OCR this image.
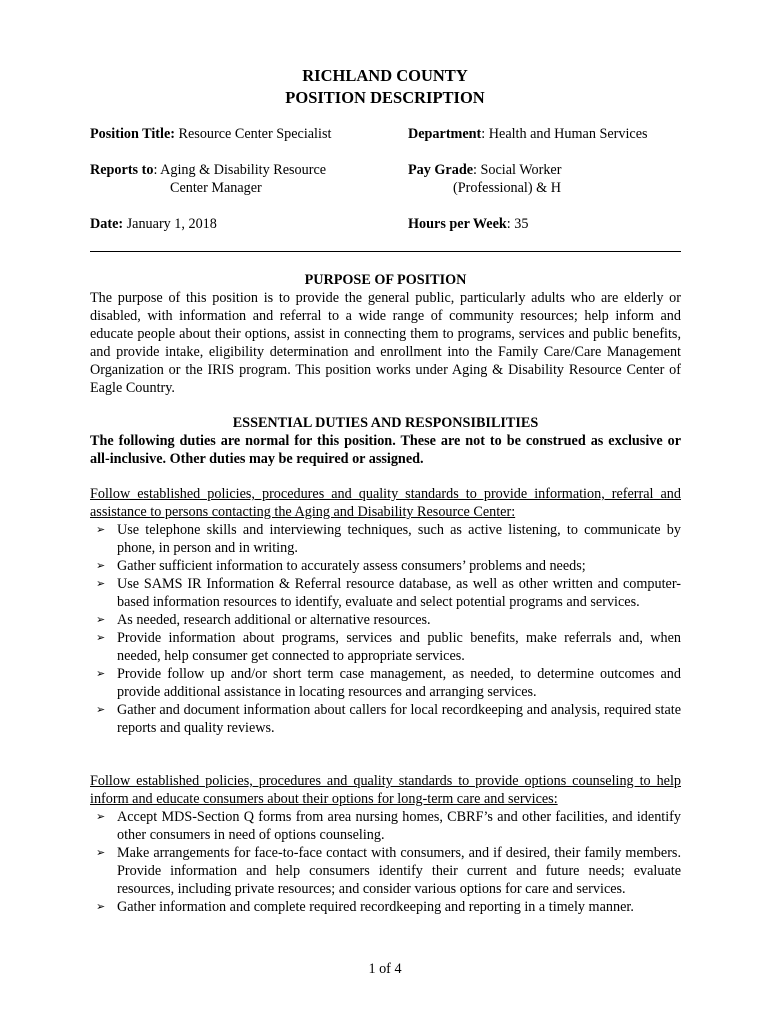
RICHLAND COUNTY
POSITION DESCRIPTION
Position Title: Resource Center Specialist	Department: Health and Human Services
Reports to: Aging & Disability Resource
Center Manager
Pay Grade: Social Worker
(Professional) & H
Date: January 1, 2018	Hours per Week: 35
PURPOSE OF POSITION

The purpose of this position is to provide the general public, particularly adults who are elderly or disabled, with information and referral to a wide range of community resources; help inform and educate people about their options, assist in connecting them to programs, services and public benefits, and provide intake, eligibility determination and enrollment into the Family Care/Care Management Organization or the IRIS program. This position works under Aging & Disability Resource Center of Eagle Country.

ESSENTIAL DUTIES AND RESPONSIBILITIES

The following duties are normal for this position. These are not to be construed as exclusive or all-inclusive. Other duties may be required or assigned.

Follow established policies, procedures and quality standards to provide information, referral and assistance to persons contacting the Aging and Disability Resource Center:

➢ Use telephone skills and interviewing techniques, such as active listening, to communicate by phone, in person and in writing.
➢ Gather sufficient information to accurately assess consumers’ problems and needs;
➢ Use SAMS IR Information & Referral resource database, as well as other written and computer-based information resources to identify, evaluate and select potential programs and services.
➢ As needed, research additional or alternative resources.
➢ Provide information about programs, services and public benefits, make referrals and, when needed, help consumer get connected to appropriate services.
➢ Provide follow up and/or short term case management, as needed, to determine outcomes and provide additional assistance in locating resources and arranging services.
➢ Gather and document information about callers for local recordkeeping and analysis, required state reports and quality reviews.

Follow established policies, procedures and quality standards to provide options counseling to help inform and educate consumers about their options for long-term care and services:

➢ Accept MDS-Section Q forms from area nursing homes, CBRF’s and other facilities, and identify other consumers in need of options counseling.
➢ Make arrangements for face-to-face contact with consumers, and if desired, their family members. Provide information and help consumers identify their current and future needs; evaluate resources, including private resources; and consider various options for care and services.
➢ Gather information and complete required recordkeeping and reporting in a timely manner.
1 of 4
